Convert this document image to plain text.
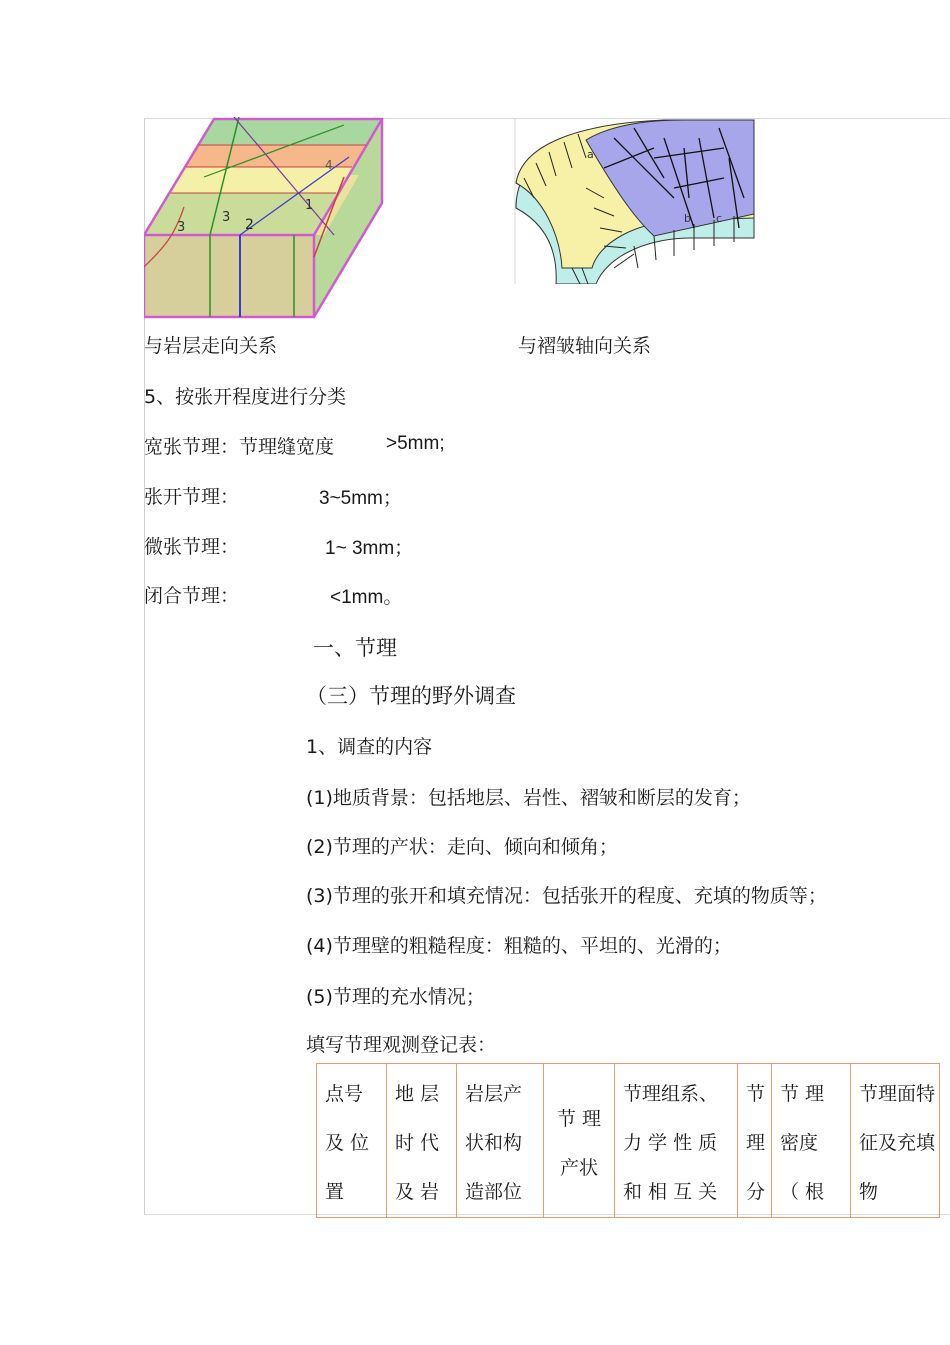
4
3
3	2
1
a
b c
与岩层走向关系	与褶皱轴向关系
5、按张开程度进行分类
宽张节理：节理缝宽度	>5mm;
张开节理：	3~5mm；
微张节理：	1~ 3mm；
闭合节理：	<1mm。
一、节理
（三）节理的野外调查
1、调查的内容
(1)地质背景：包括地层、岩性、褶皱和断层的发育；
(2)节理的产状：走向、倾向和倾角；
(3)节理的张开和填充情况：包括张开的程度、充填的物质等；
(4)节理壁的粗糙程度：粗糙的、平坦的、光滑的；
(5)节理的充水情况；
填写节理观测登记表：
点号
及 位
置

地 层
时 代
及 岩

岩层产
状和构
造部位

节 理
产状

节理组系、
力 学 性 质
和 相 互 关

节
理
分

节 理
密度
（ 根

节理面特
征及充填
物
